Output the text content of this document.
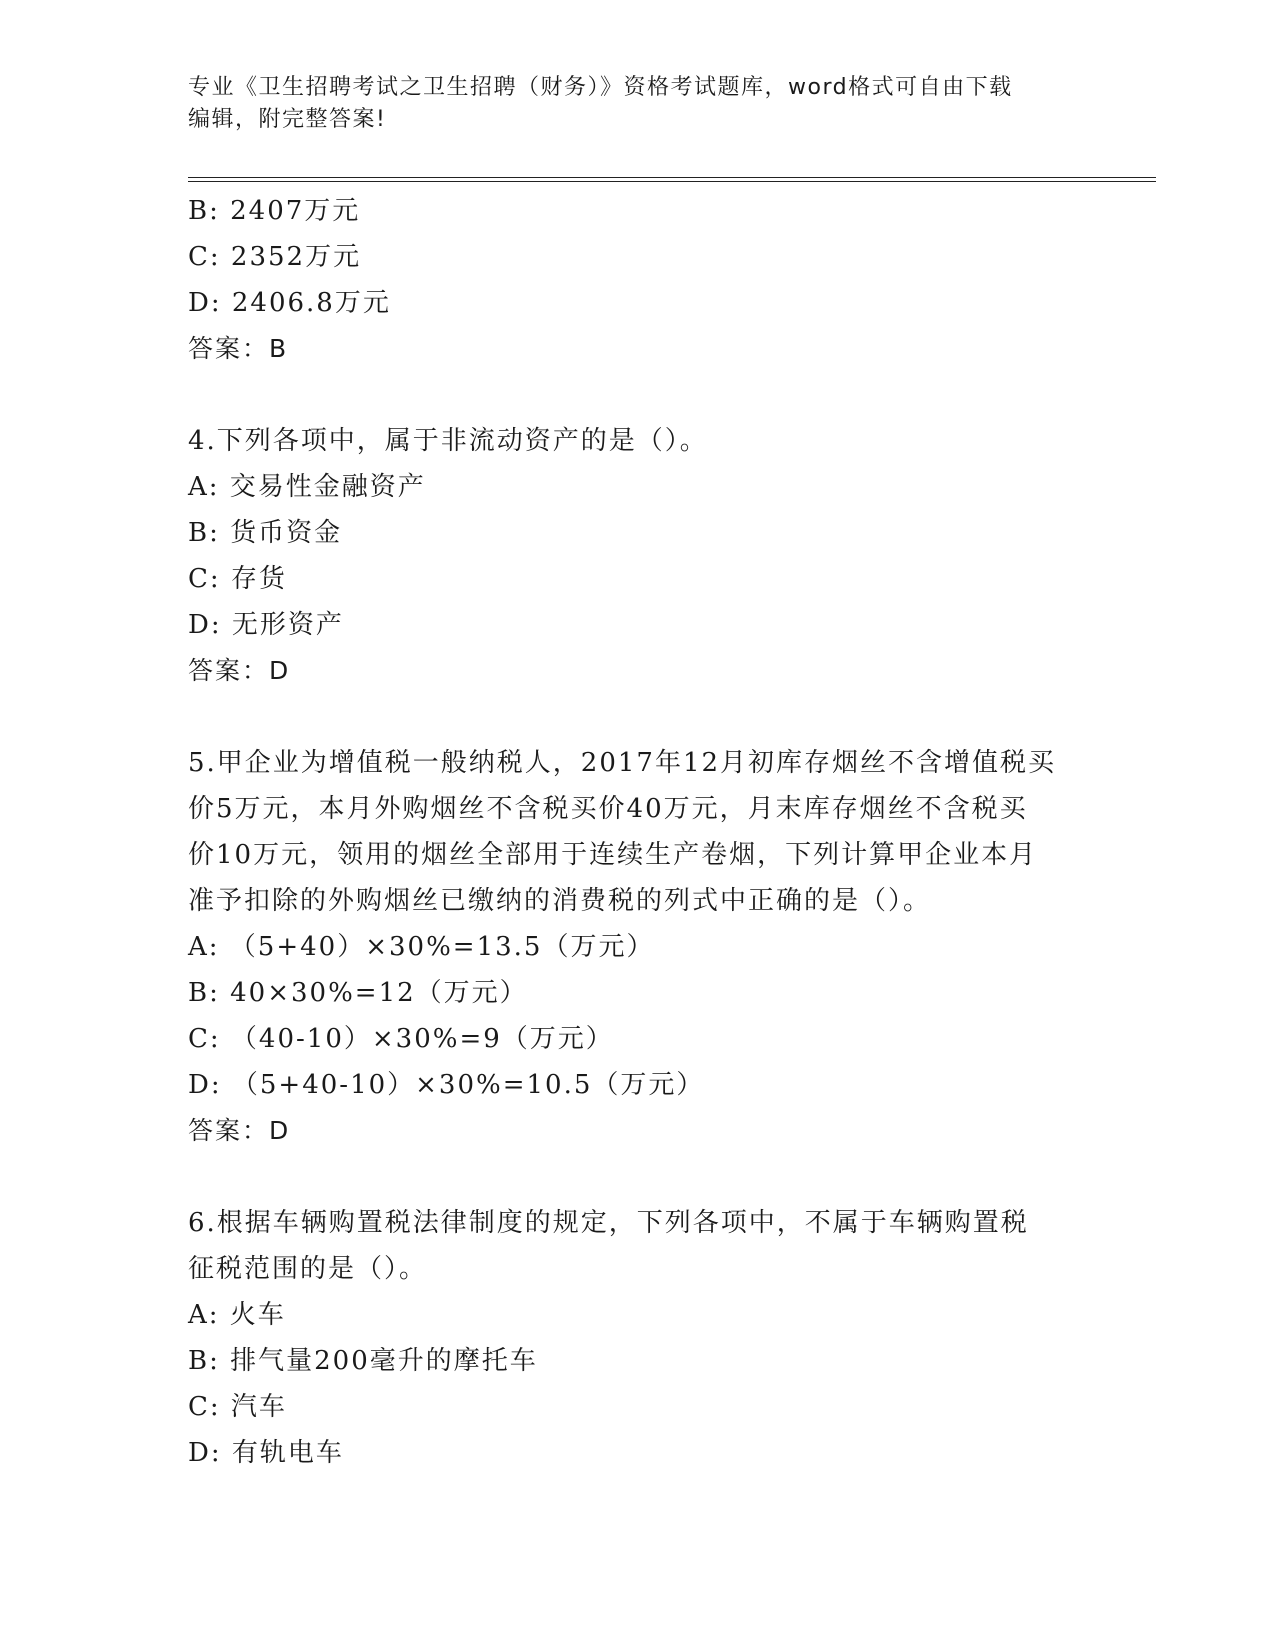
专业《卫生招聘考试之卫生招聘（财务）》资格考试题库，word格式可自由下载
编辑，附完整答案!
B: 2407万元
C: 2352万元
D: 2406.8万元
答案：B
4.下列各项中，属于非流动资产的是（）。
A: 交易性金融资产
B: 货币资金
C: 存货
D: 无形资产
答案：D
5.甲企业为增值税一般纳税人，2017年12月初库存烟丝不含增值税买
价5万元，本月外购烟丝不含税买价40万元，月末库存烟丝不含税买
价10万元，领用的烟丝全部用于连续生产卷烟，下列计算甲企业本月
准予扣除的外购烟丝已缴纳的消费税的列式中正确的是（）。
A: （5+40）×30%=13.5（万元）
B: 40×30%=12（万元）
C: （40-10）×30%=9（万元）
D: （5+40-10）×30%=10.5（万元）
答案：D
6.根据车辆购置税法律制度的规定，下列各项中，不属于车辆购置税
征税范围的是（）。
A: 火车
B: 排气量200毫升的摩托车
C: 汽车
D: 有轨电车
